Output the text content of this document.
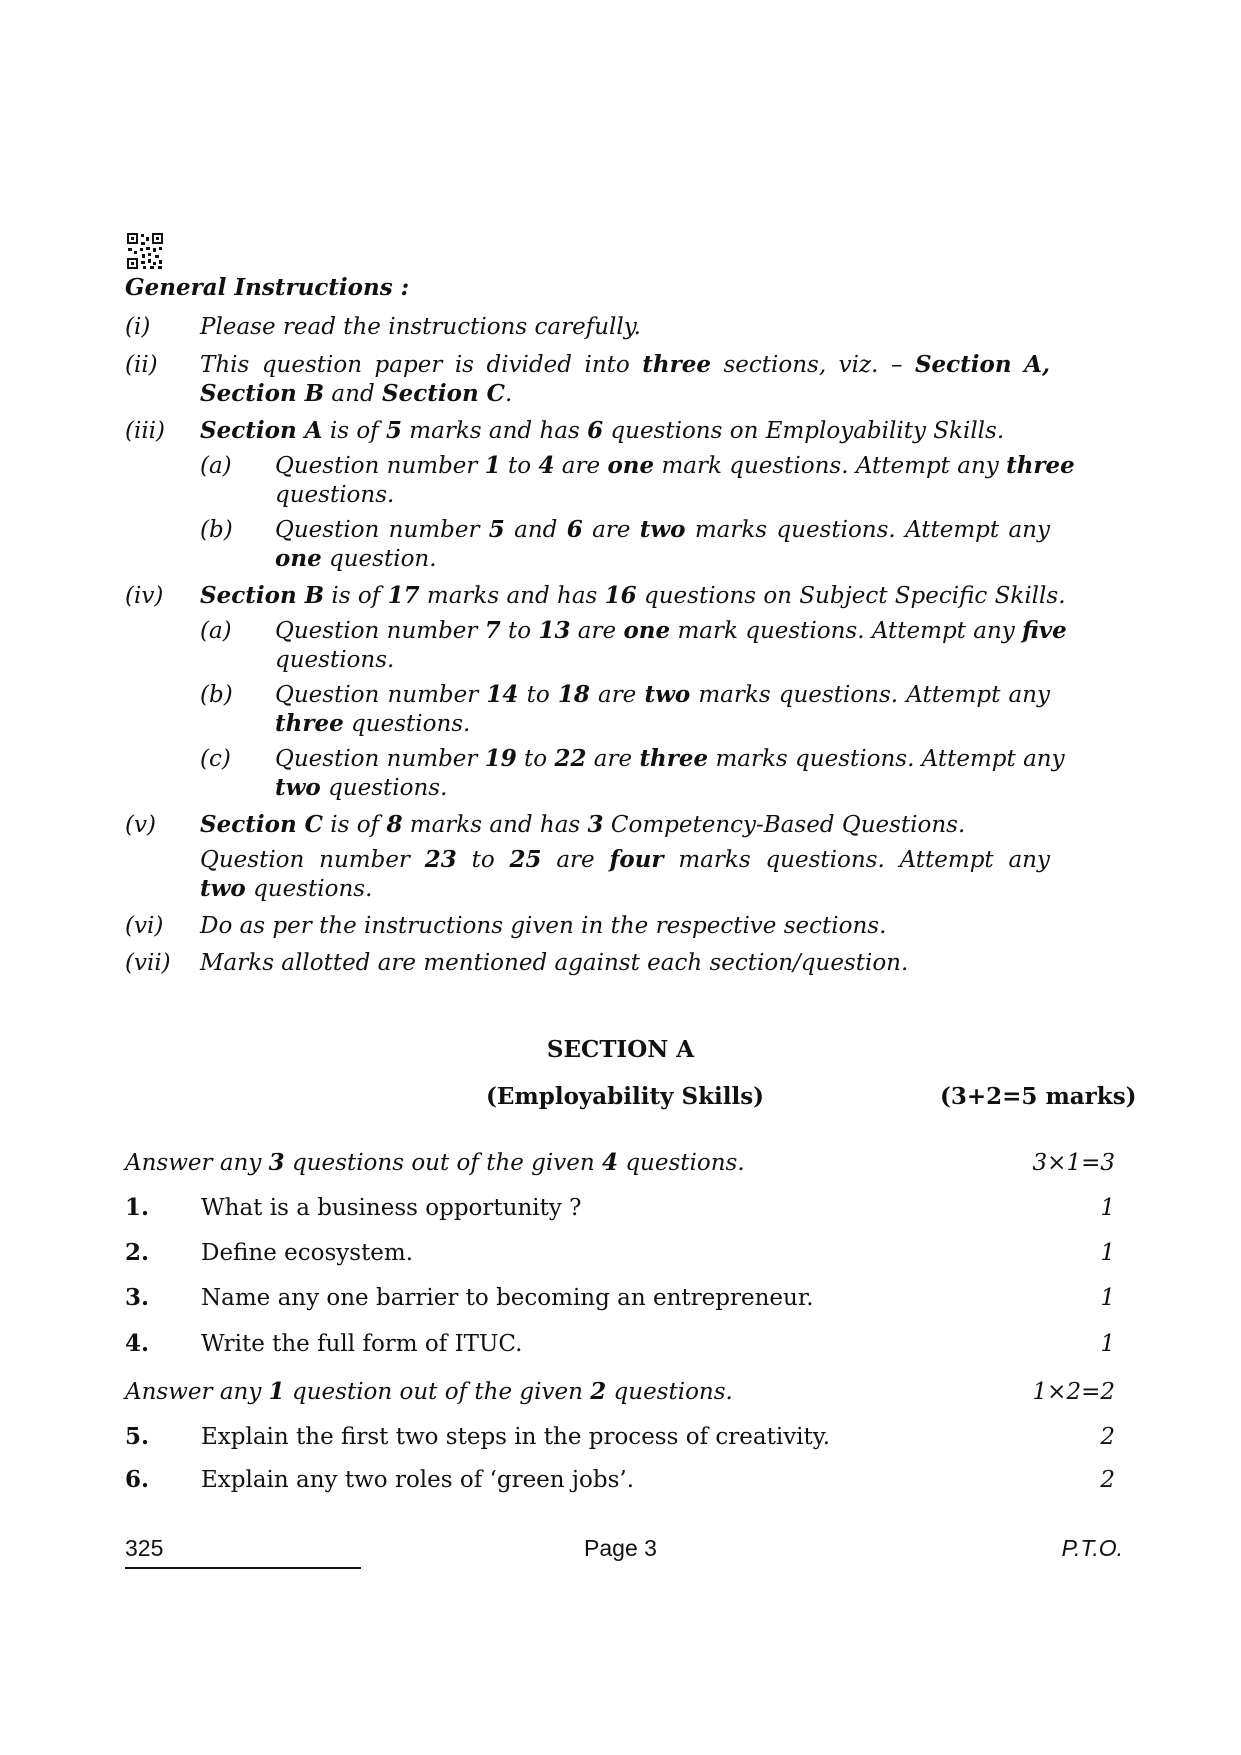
General Instructions :
(i) Please read the instructions carefully.
(ii) This question paper is divided into three sections, viz. – Section A,
Section B and Section C.
(iii) Section A is of 5 marks and has 6 questions on Employability Skills.
(a) Question number 1 to 4 are one mark questions. Attempt any three
questions.
(b) Question number 5 and 6 are two marks questions. Attempt any
one question.
(iv) Section B is of 17 marks and has 16 questions on Subject Specific Skills.
(a) Question number 7 to 13 are one mark questions. Attempt any five
questions.
(b) Question number 14 to 18 are two marks questions. Attempt any
three questions.
(c) Question number 19 to 22 are three marks questions. Attempt any
two questions.
(v) Section C is of 8 marks and has 3 Competency-Based Questions.
Question number 23 to 25 are four marks questions. Attempt any
two questions.
(vi) Do as per the instructions given in the respective sections.
(vii) Marks allotted are mentioned against each section/question.
SECTION A
(Employability Skills)	(3+2=5 marks)
Answer any 3 questions out of the given 4 questions.	3×1=3
1. What is a business opportunity ?	1
2. Define ecosystem.	1
3. Name any one barrier to becoming an entrepreneur.	1
4. Write the full form of ITUC.	1
Answer any 1 question out of the given 2 questions.	1×2=2
5. Explain the first two steps in the process of creativity.	2
6. Explain any two roles of ‘green jobs’.	2
325	Page 3	P.T.O.
